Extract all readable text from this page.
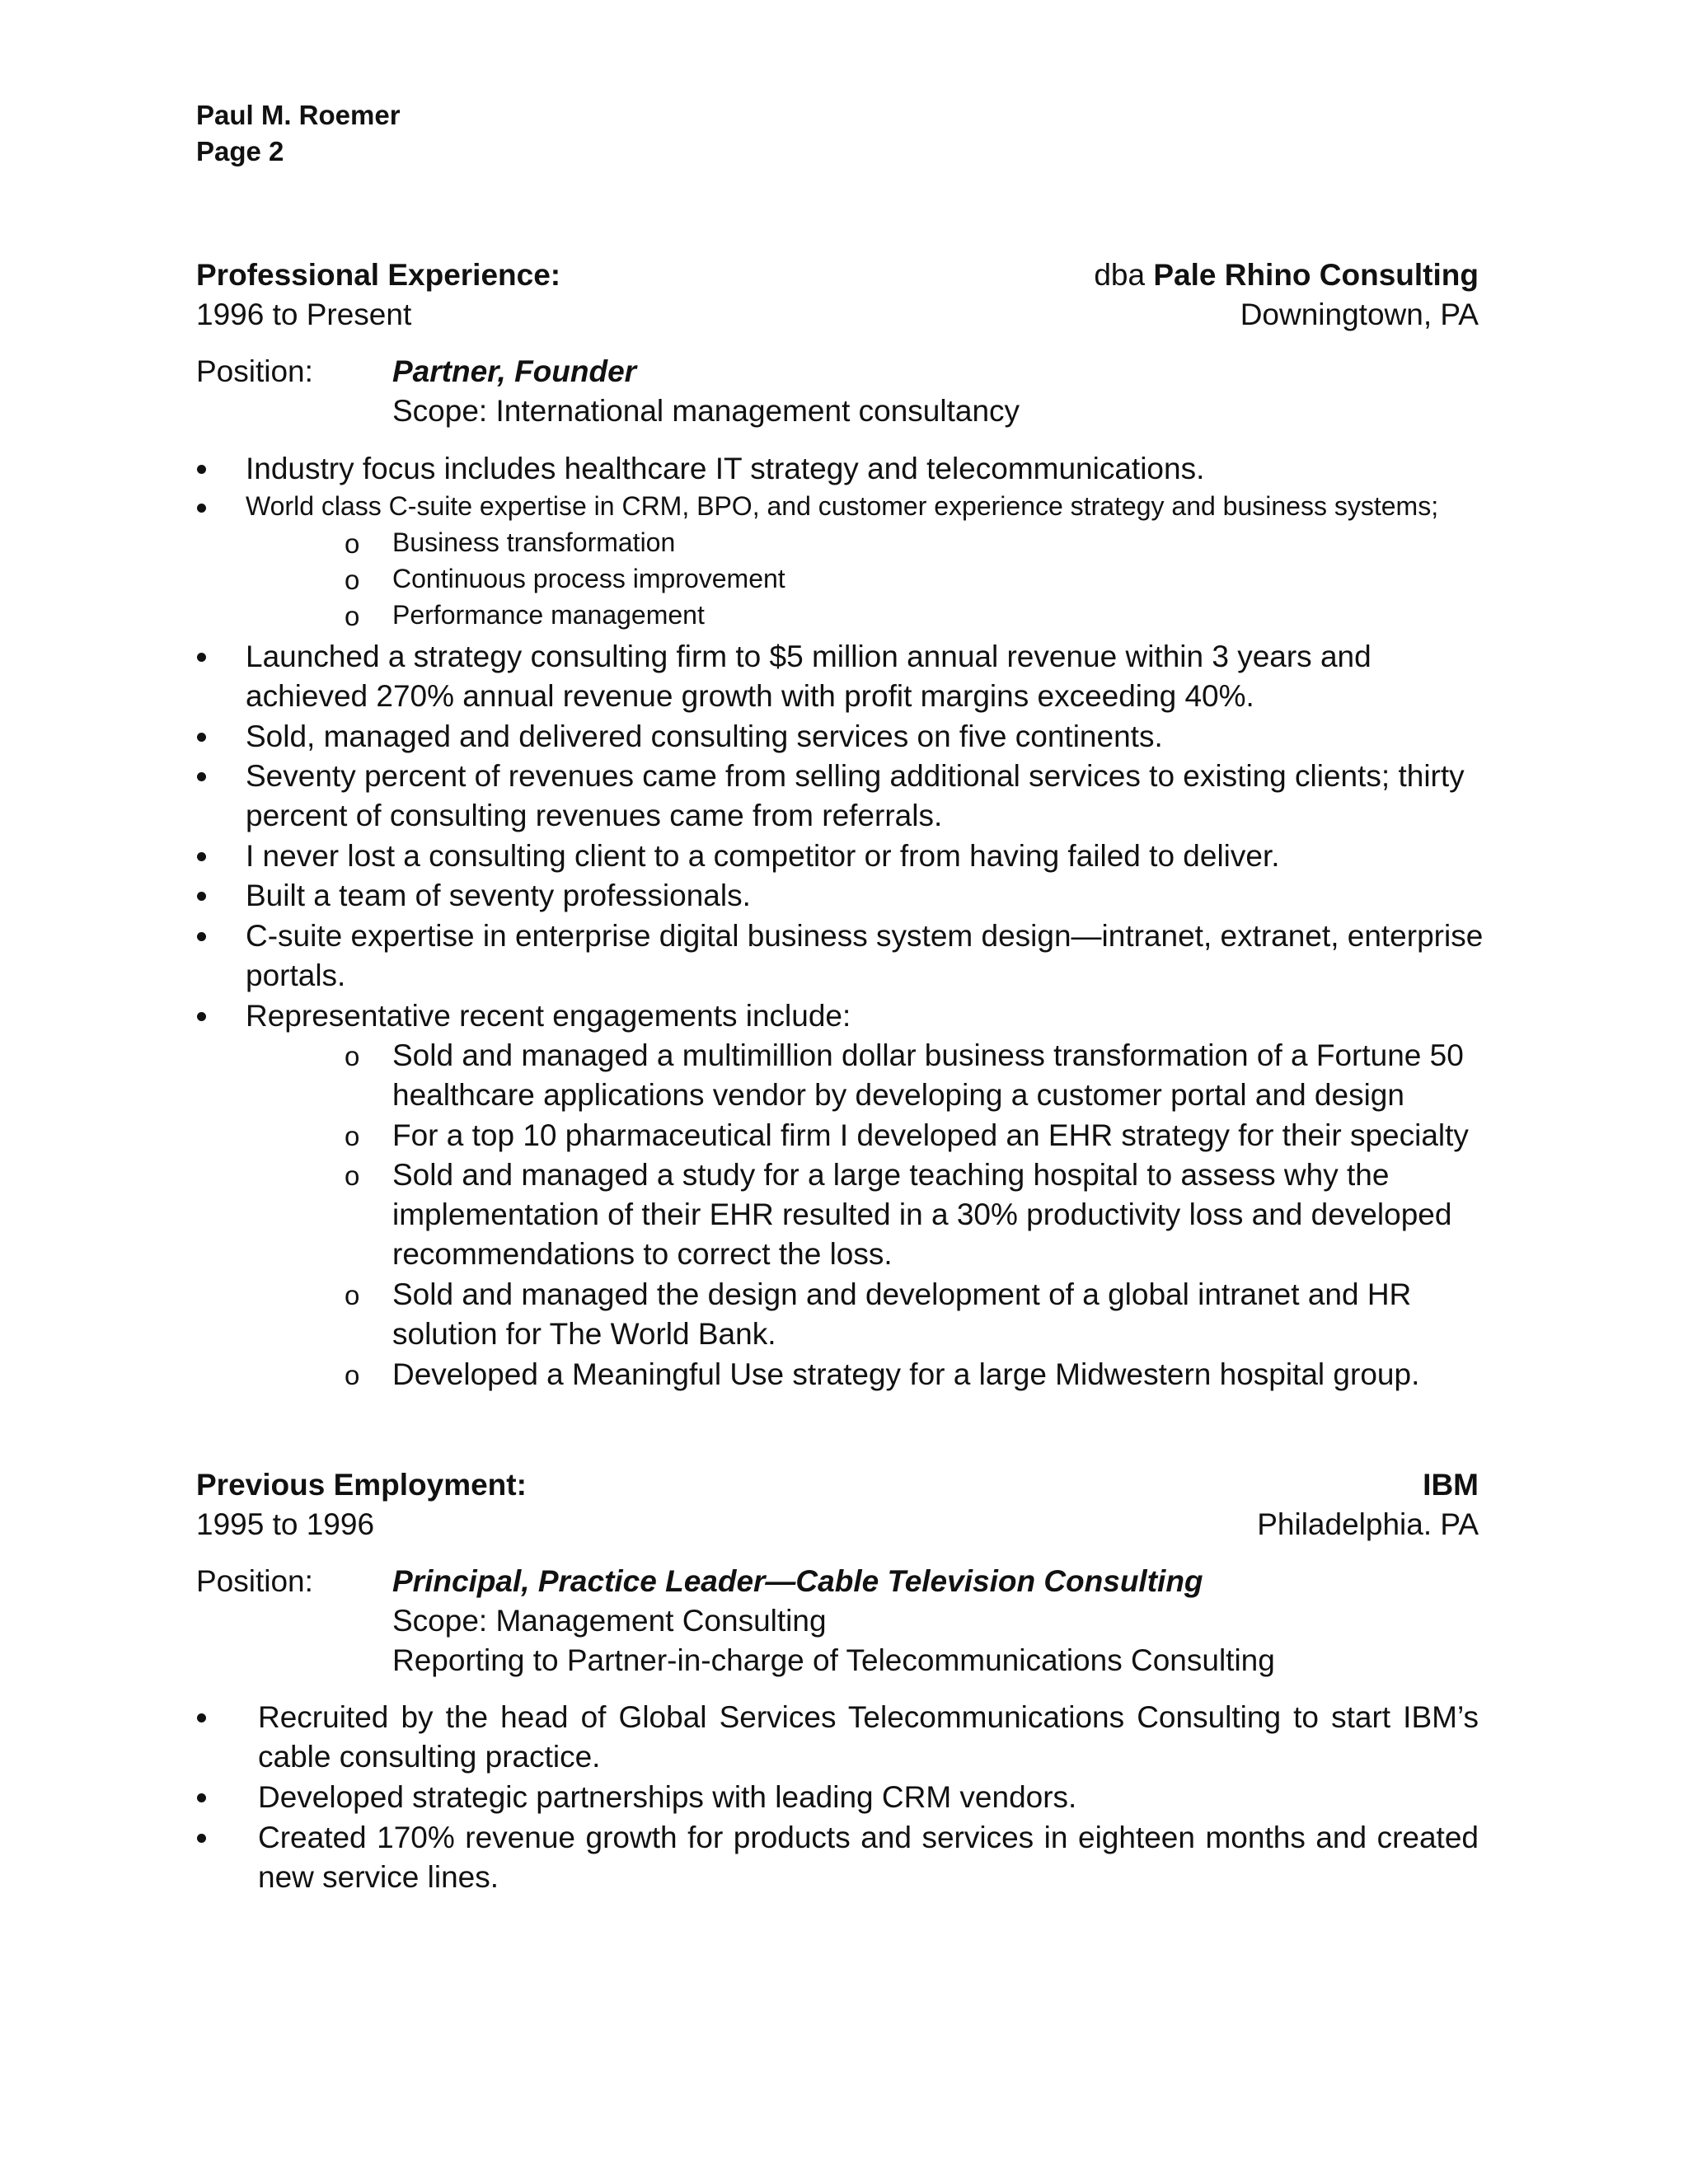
Paul M. Roemer
Page 2
Professional Experience:	dba Pale Rhino Consulting
1996 to Present	Downingtown, PA
Position:	Partner, Founder
Scope: International management consultancy
Industry focus includes healthcare IT strategy and telecommunications.
World class C-suite expertise in CRM, BPO, and customer experience strategy and business systems;
o Business transformation
o Continuous process improvement
o Performance management
Launched a strategy consulting firm to $5 million annual revenue within 3 years and
achieved 270% annual revenue growth with profit margins exceeding 40%.
Sold, managed and delivered consulting services on five continents.
Seventy percent of revenues came from selling additional services to existing clients; thirty
percent of consulting revenues came from referrals.
I never lost a consulting client to a competitor or from having failed to deliver.
Built a team of seventy professionals.
C-suite expertise in enterprise digital business system design—intranet, extranet, enterprise
portals.
Representative recent engagements include:
o Sold and managed a multimillion dollar business transformation of a Fortune 50
healthcare applications vendor by developing a customer portal and design
o For a top 10 pharmaceutical firm I developed an EHR strategy for their specialty
o Sold and managed a study for a large teaching hospital to assess why the
implementation of their EHR resulted in a 30% productivity loss and developed
recommendations to correct the loss.
o Sold and managed the design and development of a global intranet and HR
solution for The World Bank.
o Developed a Meaningful Use strategy for a large Midwestern hospital group.
Previous Employment:	IBM
1995 to 1996	Philadelphia. PA
Position:	Principal, Practice Leader—Cable Television Consulting
Scope: Management Consulting
Reporting to Partner-in-charge of Telecommunications Consulting
Recruited by the head of Global Services Telecommunications Consulting to start IBM’s
cable consulting practice.
Developed strategic partnerships with leading CRM vendors.
Created 170% revenue growth for products and services in eighteen months and created
new service lines.
